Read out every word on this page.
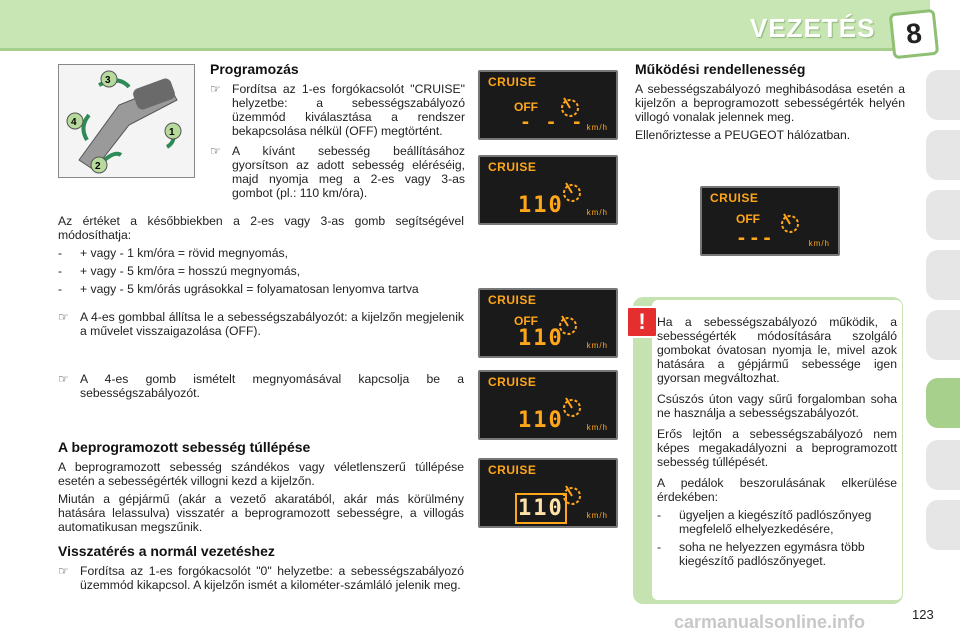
VEZETÉS	8
3
4
1
2
Programozás
☞ Fordítsa az 1-es forgókacsolót "CRUISE" helyzetbe: a sebességszabályozó üzemmód kiválasztása a rendszer bekapcsolása nélkül (OFF) megtörtént.
☞ A kívánt sebesség beállításához gyorsítson az adott sebesség eléréséig, majd nyomja meg a 2-es vagy 3-as gombot (pl.: 110 km/óra).

Az értéket a későbbiekben a 2-es vagy 3-as gomb segítségével módosíthatja:

- + vagy - 1 km/óra = rövid megnyomás,
- + vagy - 5 km/óra = hosszú megnyomás,
- + vagy - 5 km/órás ugrásokkal = folyamatosan lenyomva tartva
☞ A 4-es gombbal állítsa le a sebességszabályozót: a kijelzőn megjelenik a művelet visszaigazolása (OFF).
☞ A 4-es gomb ismételt megnyomásával kapcsolja be a sebességszabályozót.
A beprogramozott sebesség túllépése

A beprogramozott sebesség szándékos vagy véletlenszerű túllépése esetén a sebességérték villogni kezd a kijelzőn.

Miután a gépjármű (akár a vezető akaratából, akár más körülmény hatására lelassulva) visszatér a beprogramozott sebességre, a villogás automatikusan megszűnik.

Visszatérés a normál vezetéshez
☞ Fordítsa az 1-es forgókacsolót "0" helyzetbe: a sebességszabályozó üzemmód kikapcsol. A kijelzőn ismét a kilométer-számláló jelenik meg.
CRUISE
OFF
- - - km/h
CRUISE
110	km/h
CRUISE
OFF
110	km/h
CRUISE
110	km/h
CRUISE
110	km/h
Működési rendellenesség

A sebességszabályozó meghibásodása esetén a kijelzőn a beprogramozott sebességérték helyén villogó vonalak jelennek meg.

Ellenőriztesse a PEUGEOT hálózatban.

CRUISE
OFF
---	km/h
! Ha a sebességszabályozó működik, a sebességérték módosítására szolgáló gombokat óvatosan nyomja le, mivel azok hatására a gépjármű sebessége igen gyorsan megváltozhat.

Csúszós úton vagy sűrű forgalomban soha ne használja a sebességszabályozót.

Erős lejtőn a sebességszabályozó nem képes megakadályozni a beprogramozott sebesség túllépését.

A pedálok beszorulásának elkerülése érdekében:

- ügyeljen a kiegészítő padlószőnyeg megfelelő elhelyezkedésére,
- soha ne helyezzen egymásra több kiegészítő padlószőnyeget.
123
carmanualsonline.info
